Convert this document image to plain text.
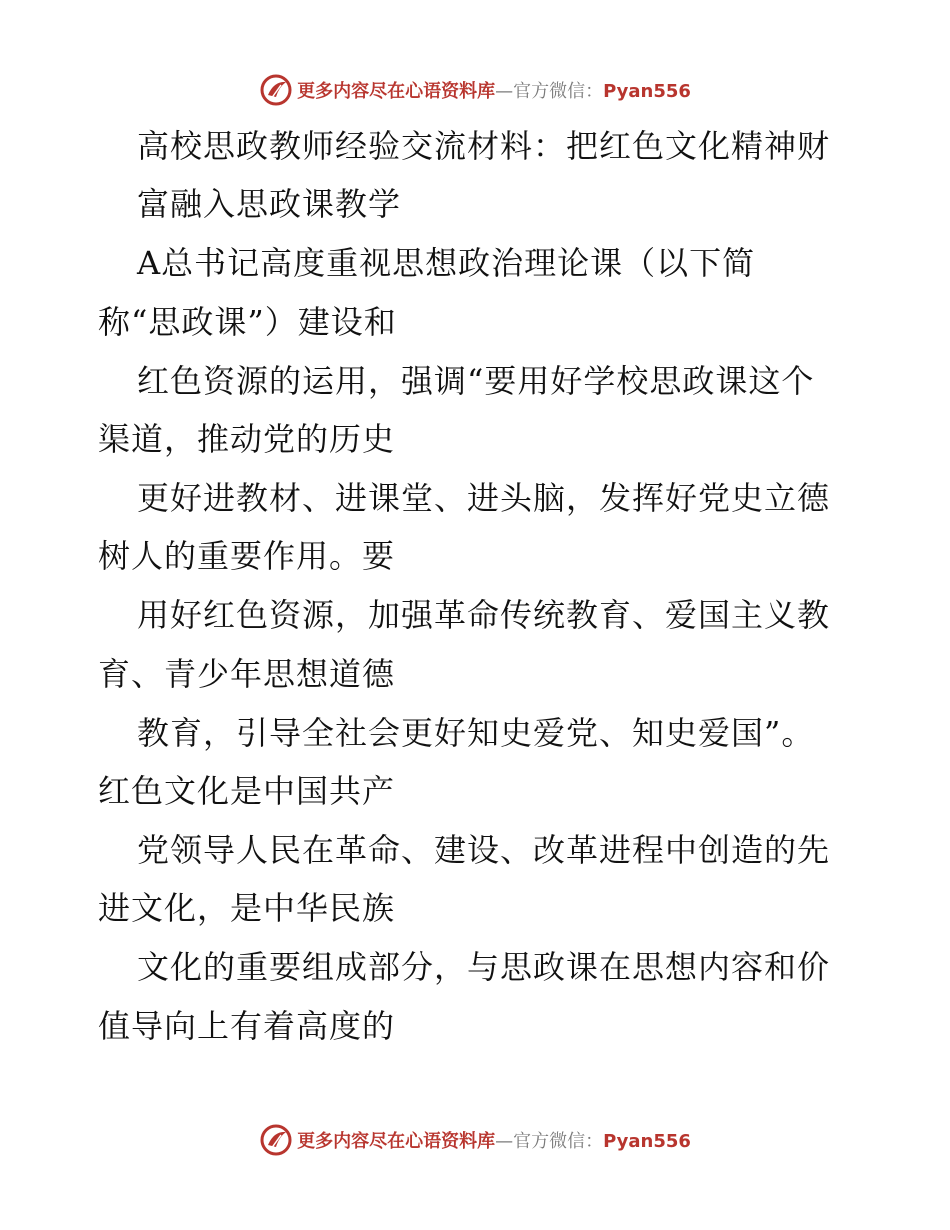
更多内容尽在心语资料库—官方微信：Pyan556
高校思政教师经验交流材料：把红色文化精神财
富融入思政课教学
A总书记高度重视思想政治理论课（以下简
称“思政课”）建设和
红色资源的运用，强调“要用好学校思政课这个
渠道，推动党的历史
更好进教材、进课堂、进头脑，发挥好党史立德
树人的重要作用。要
用好红色资源，加强革命传统教育、爱国主义教
育、青少年思想道德
教育，引导全社会更好知史爱党、知史爱国”。
红色文化是中国共产
党领导人民在革命、建设、改革进程中创造的先
进文化，是中华民族
文化的重要组成部分，与思政课在思想内容和价
值导向上有着高度的
更多内容尽在心语资料库—官方微信：Pyan556
